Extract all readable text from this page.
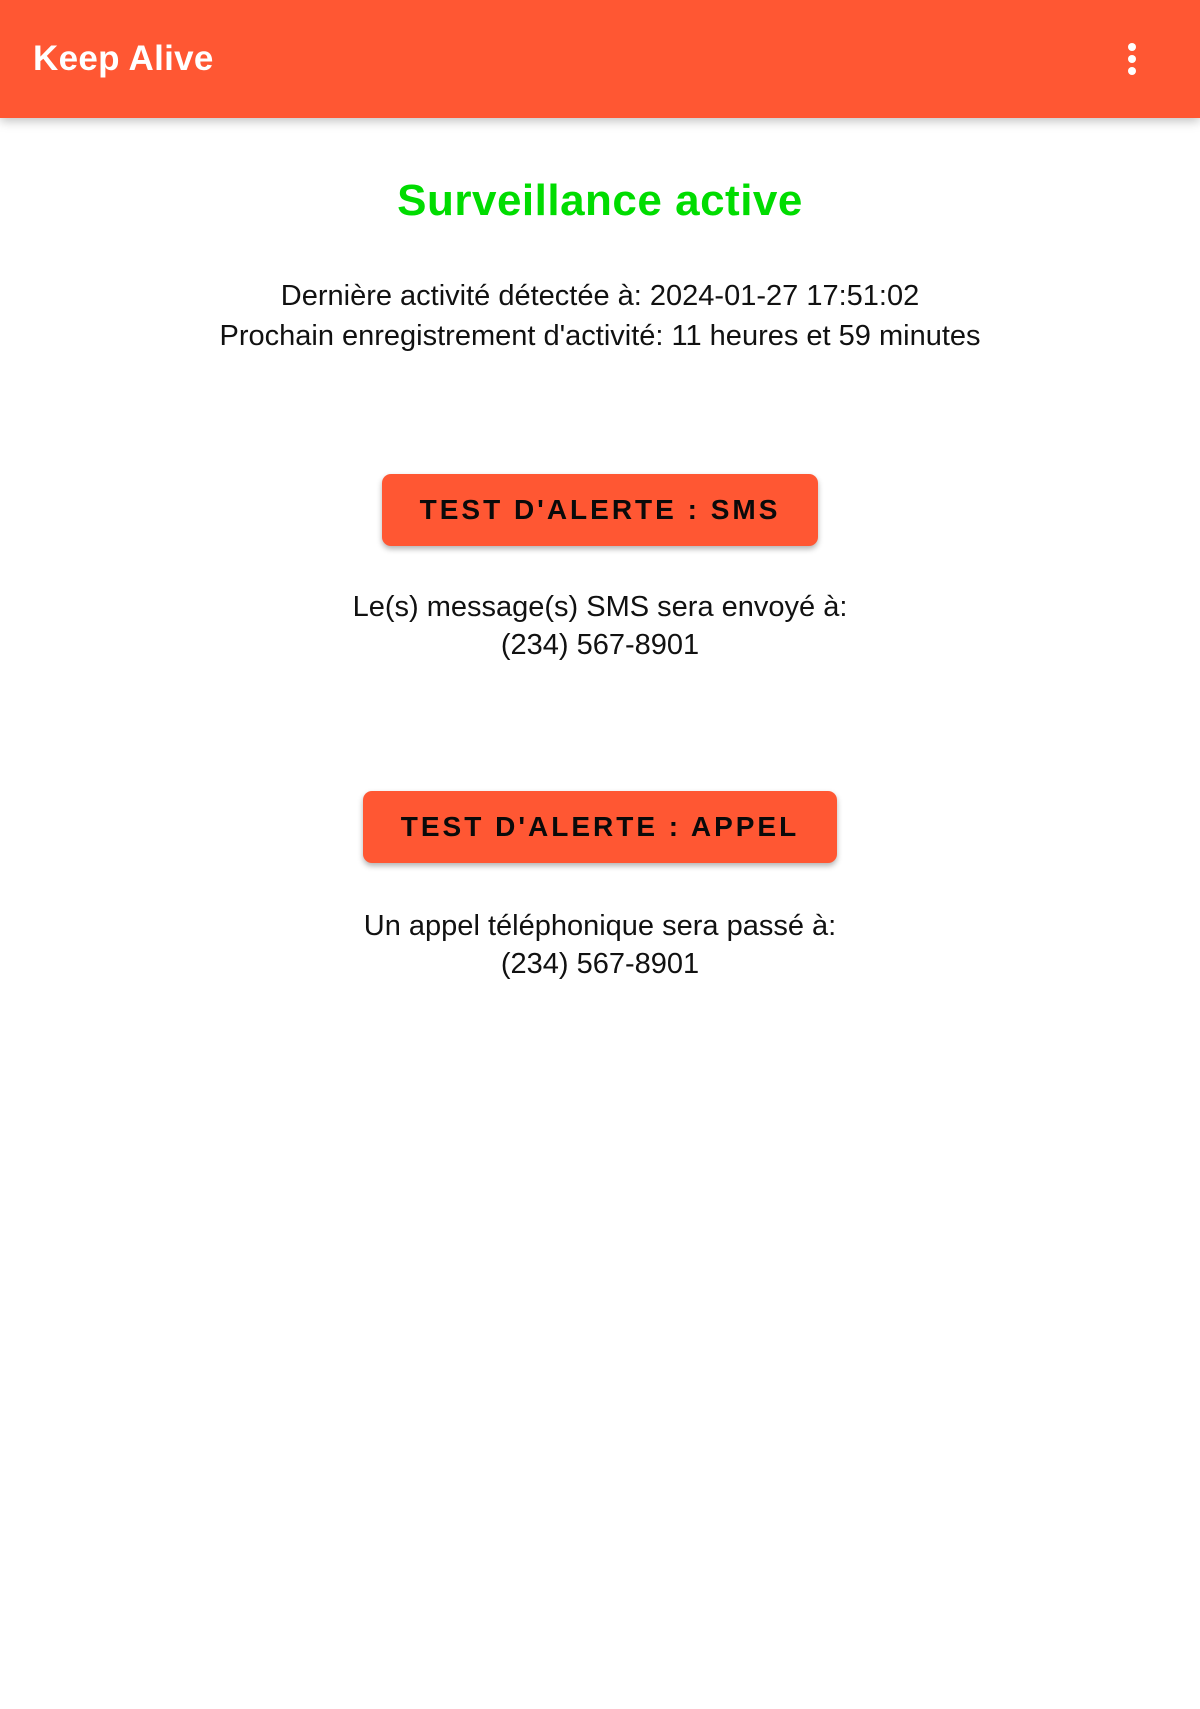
Keep Alive
Surveillance active
Dernière activité détectée à: 2024-01-27 17:51:02
Prochain enregistrement d'activité: 11 heures et 59 minutes
TEST D'ALERTE : SMS
Le(s) message(s) SMS sera envoyé à:
(234) 567-8901
TEST D'ALERTE : APPEL
Un appel téléphonique sera passé à:
(234) 567-8901
